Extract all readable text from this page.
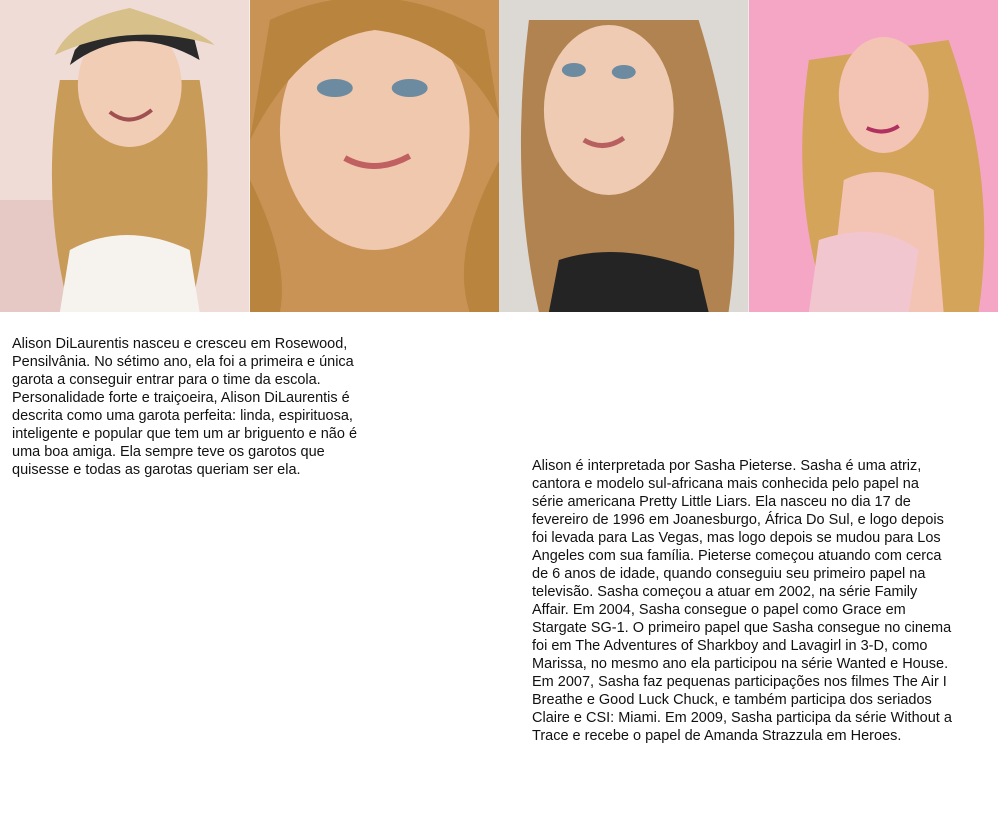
Alison DiLaurentis nasceu e cresceu em Rosewood, Pensilvânia. No sétimo ano, ela foi a primeira e única garota a conseguir entrar para o time da escola. Personalidade forte e traiçoeira, Alison DiLaurentis é descrita como uma garota perfeita: linda, espirituosa, inteligente e popular que tem um ar briguento e não é uma boa amiga. Ela sempre teve os garotos que quisesse e todas as garotas queriam ser ela.	Alison é interpretada por Sasha Pieterse. Sasha é uma atriz, cantora e modelo sul-africana mais conhecida pelo papel na série americana Pretty Little Liars. Ela nasceu no dia 17 de fevereiro de 1996 em Joanesburgo, África Do Sul, e logo depois foi levada para Las Vegas, mas logo depois se mudou para Los Angeles com sua família. Pieterse começou atuando com cerca de 6 anos de idade, quando conseguiu seu primeiro papel na televisão. Sasha começou a atuar em 2002, na série Family Affair. Em 2004, Sasha consegue o papel como Grace em Stargate SG-1. O primeiro papel que Sasha consegue no cinema foi em The Adventures of Sharkboy and Lavagirl in 3-D, como Marissa, no mesmo ano ela participou na série Wanted e House. Em 2007, Sasha faz pequenas participações nos filmes The Air I Breathe e Good Luck Chuck, e também participa dos seriados Claire e CSI: Miami. Em 2009, Sasha participa da série Without a Trace e recebe o papel de Amanda Strazzula em Heroes.
